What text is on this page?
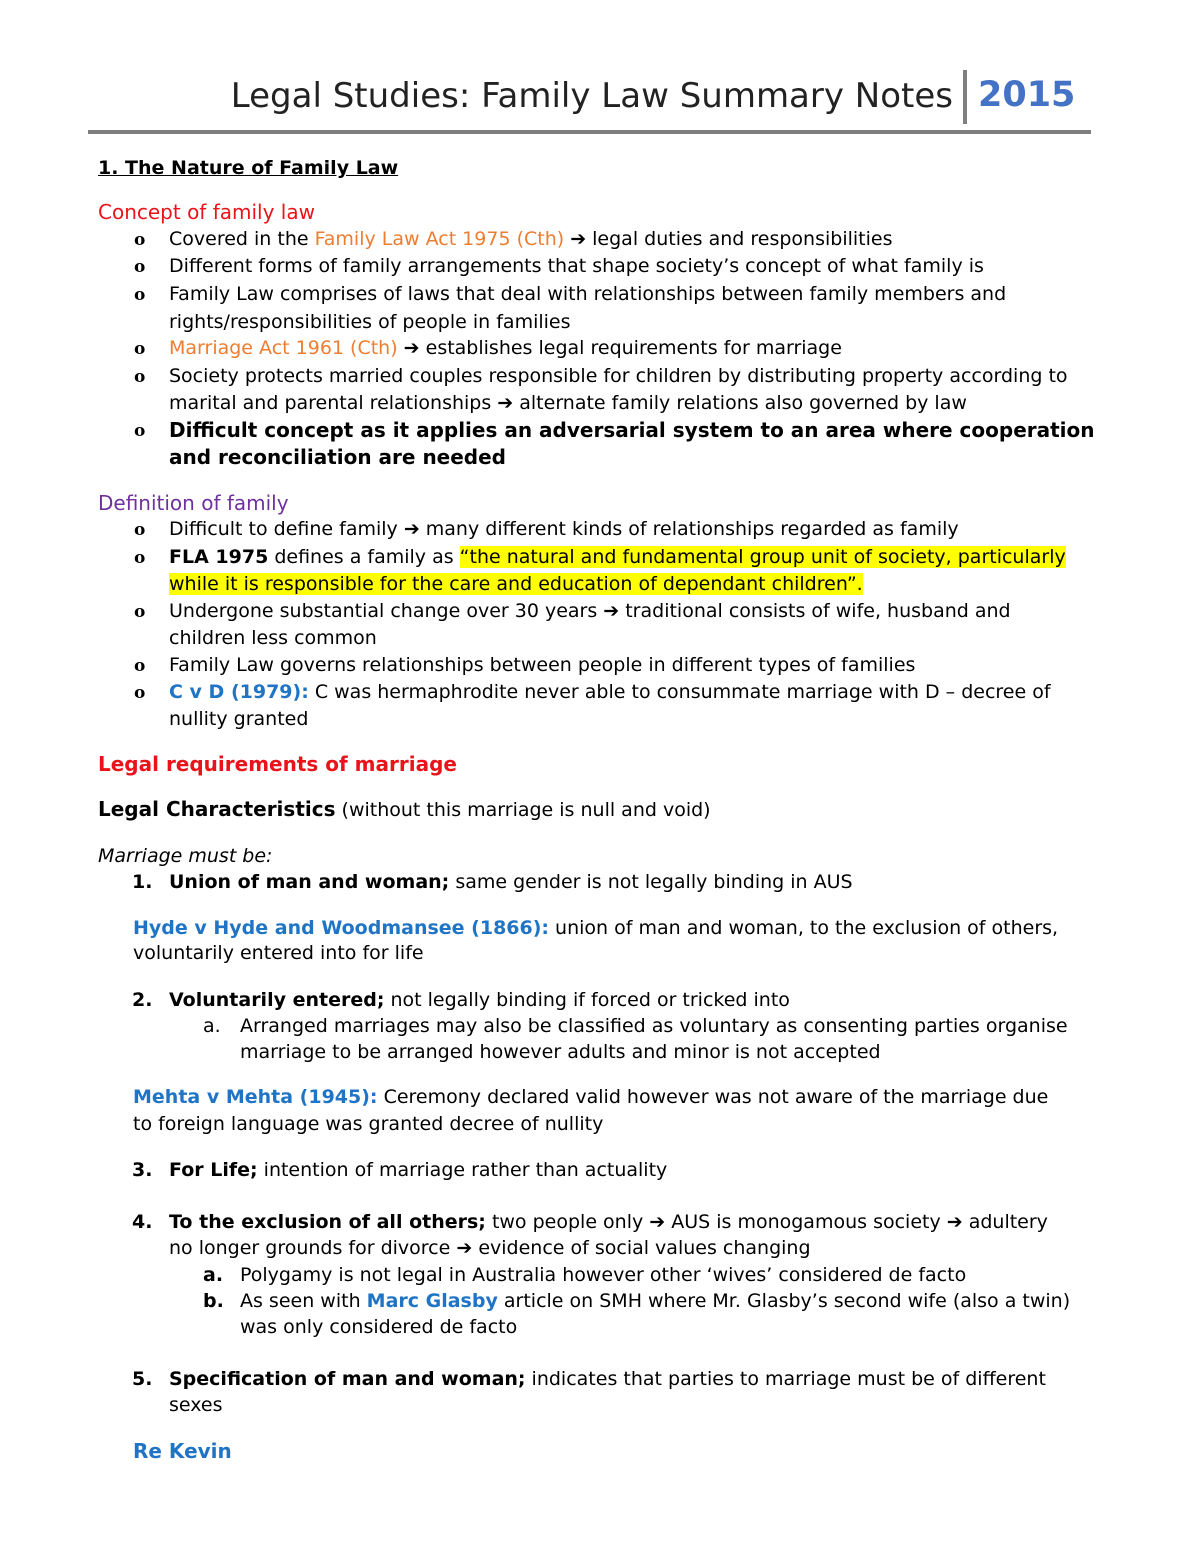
Legal Studies: Family Law Summary Notes 2015
1. The Nature of Family Law
Concept of family law
o Covered in the Family Law Act 1975 (Cth) ➔ legal duties and responsibilities
o Different forms of family arrangements that shape society’s concept of what family is
o Family Law comprises of laws that deal with relationships between family members and
rights/responsibilities of people in families
o Marriage Act 1961 (Cth) ➔ establishes legal requirements for marriage
o Society protects married couples responsible for children by distributing property according to
marital and parental relationships ➔ alternate family relations also governed by law
o Difficult concept as it applies an adversarial system to an area where cooperation
and reconciliation are needed
Definition of family
o Difficult to define family ➔ many different kinds of relationships regarded as family
o FLA 1975 defines a family as “the natural and fundamental group unit of society, particularly
while it is responsible for the care and education of dependant children”.
o Undergone substantial change over 30 years ➔ traditional consists of wife, husband and
children less common
o Family Law governs relationships between people in different types of families
o C v D (1979): C was hermaphrodite never able to consummate marriage with D – decree of
nullity granted
Legal requirements of marriage
Legal Characteristics (without this marriage is null and void)
Marriage must be:
1. Union of man and woman; same gender is not legally binding in AUS
Hyde v Hyde and Woodmansee (1866): union of man and woman, to the exclusion of others,
voluntarily entered into for life
2. Voluntarily entered; not legally binding if forced or tricked into
a. Arranged marriages may also be classified as voluntary as consenting parties organise
marriage to be arranged however adults and minor is not accepted
Mehta v Mehta (1945): Ceremony declared valid however was not aware of the marriage due
to foreign language was granted decree of nullity
3. For Life; intention of marriage rather than actuality
4. To the exclusion of all others; two people only ➔ AUS is monogamous society ➔ adultery
no longer grounds for divorce ➔ evidence of social values changing
a. Polygamy is not legal in Australia however other ‘wives’ considered de facto
b. As seen with Marc Glasby article on SMH where Mr. Glasby’s second wife (also a twin)
was only considered de facto
5. Specification of man and woman; indicates that parties to marriage must be of different
sexes
Re Kevin
